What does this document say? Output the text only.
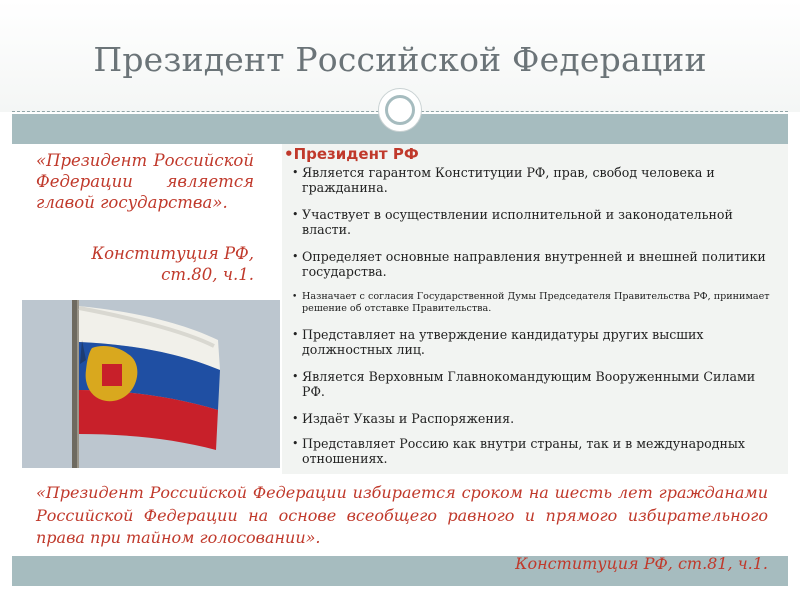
Президент Российской Федерации
«Президент Российской Федерации является главой государства».
Конституция РФ,
ст.80, ч.1.
•Президент РФ
• Является гарантом Конституции РФ, прав, свобод человека и гражданина.
• Участвует в осуществлении исполнительной и законодательной власти.
• Определяет основные направления внутренней и внешней политики государства.
• Назначает с согласия Государственной Думы Председателя Правительства РФ, принимает решение об отставке Правительства.
• Представляет на утверждение кандидатуры других высших должностных лиц.
• Является Верховным Главнокомандующим Вооруженными Силами РФ.
• Издаёт Указы и Распоряжения.
• Представляет Россию как внутри страны, так и в международных отношениях.
«Президент Российской Федерации избирается сроком на шесть лет гражданами Российской Федерации на основе всеобщего равного и прямого избирательного права при тайном голосовании».
Конституция РФ, ст.81, ч.1.
